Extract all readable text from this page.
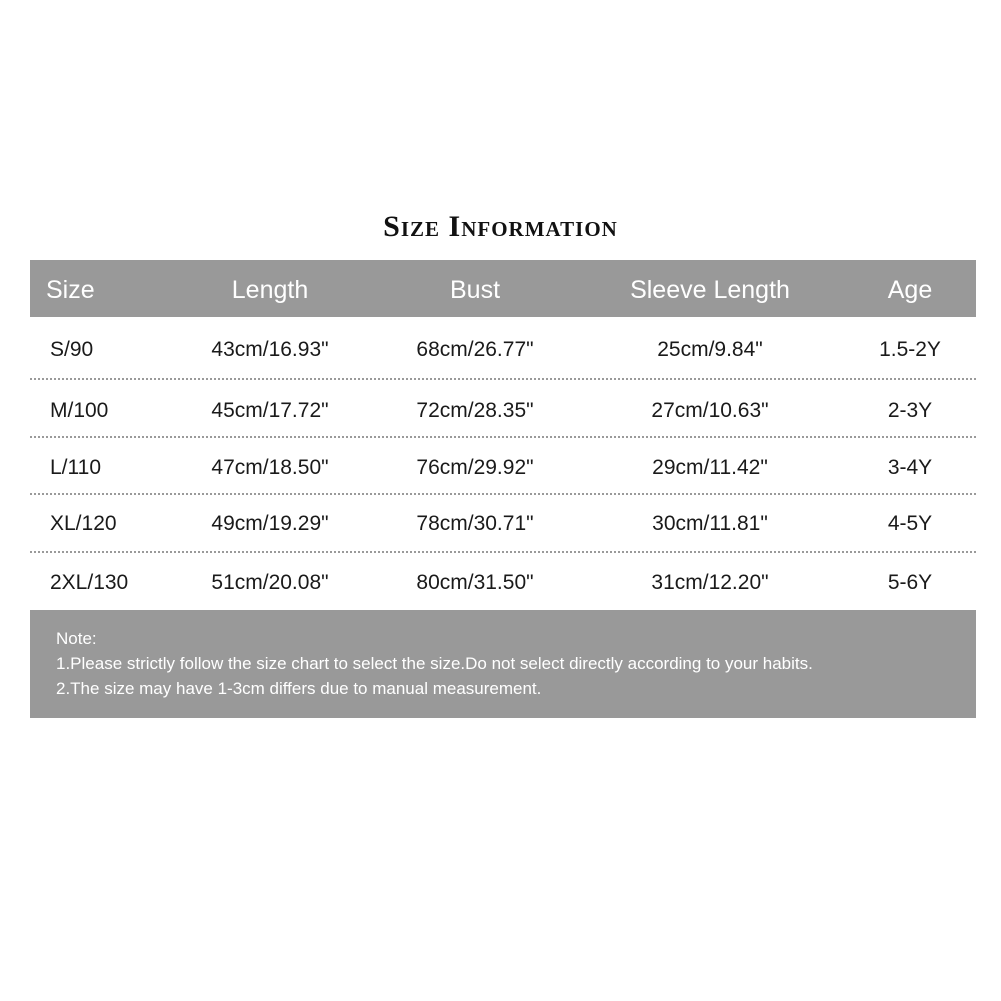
Size Information
Size	Length	Bust	Sleeve Length	Age
S/90	43cm/16.93"	68cm/26.77"	25cm/9.84"	1.5-2Y
M/100	45cm/17.72"	72cm/28.35"	27cm/10.63"	2-3Y
L/110	47cm/18.50"	76cm/29.92"	29cm/11.42"	3-4Y
XL/120	49cm/19.29"	78cm/30.71"	30cm/11.81"	4-5Y
2XL/130	51cm/20.08"	80cm/31.50"	31cm/12.20"	5-6Y
Note:
1.Please strictly follow the size chart to select the size.Do not select directly according to your habits.
2.The size may have 1-3cm differs due to manual measurement.
